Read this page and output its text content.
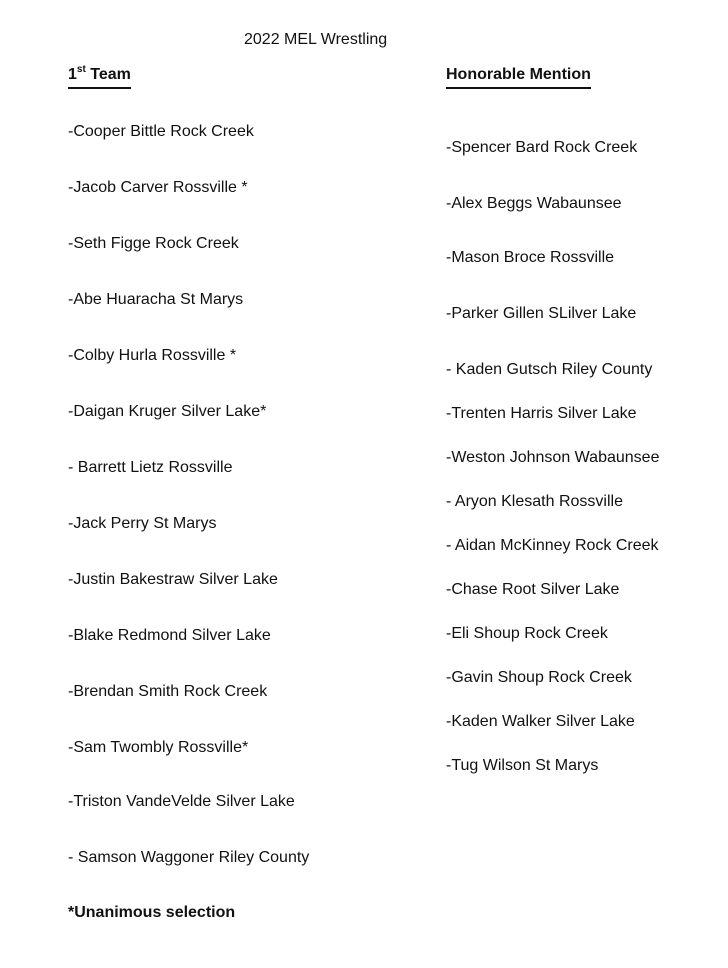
2022 MEL Wrestling
1st Team	Honorable Mention
-Cooper Bittle Rock Creek
-Jacob Carver Rossville *
-Seth Figge Rock Creek
-Abe Huaracha St Marys
-Colby Hurla Rossville *
-Daigan Kruger Silver Lake*
- Barrett Lietz Rossville
-Jack Perry St Marys
-Justin Bakestraw Silver Lake
-Blake Redmond Silver Lake
-Brendan Smith Rock Creek
-Sam Twombly Rossville*
-Triston VandeVelde Silver Lake
- Samson Waggoner Riley County
-Spencer Bard Rock Creek
-Alex Beggs Wabaunsee
-Mason Broce Rossville
-Parker Gillen SLilver Lake
- Kaden Gutsch Riley County
-Trenten Harris Silver Lake
-Weston Johnson Wabaunsee
- Aryon Klesath Rossville
- Aidan McKinney Rock Creek
-Chase Root Silver Lake
-Eli Shoup Rock Creek
-Gavin Shoup Rock Creek
-Kaden Walker Silver Lake
-Tug Wilson St Marys
*Unanimous selection
